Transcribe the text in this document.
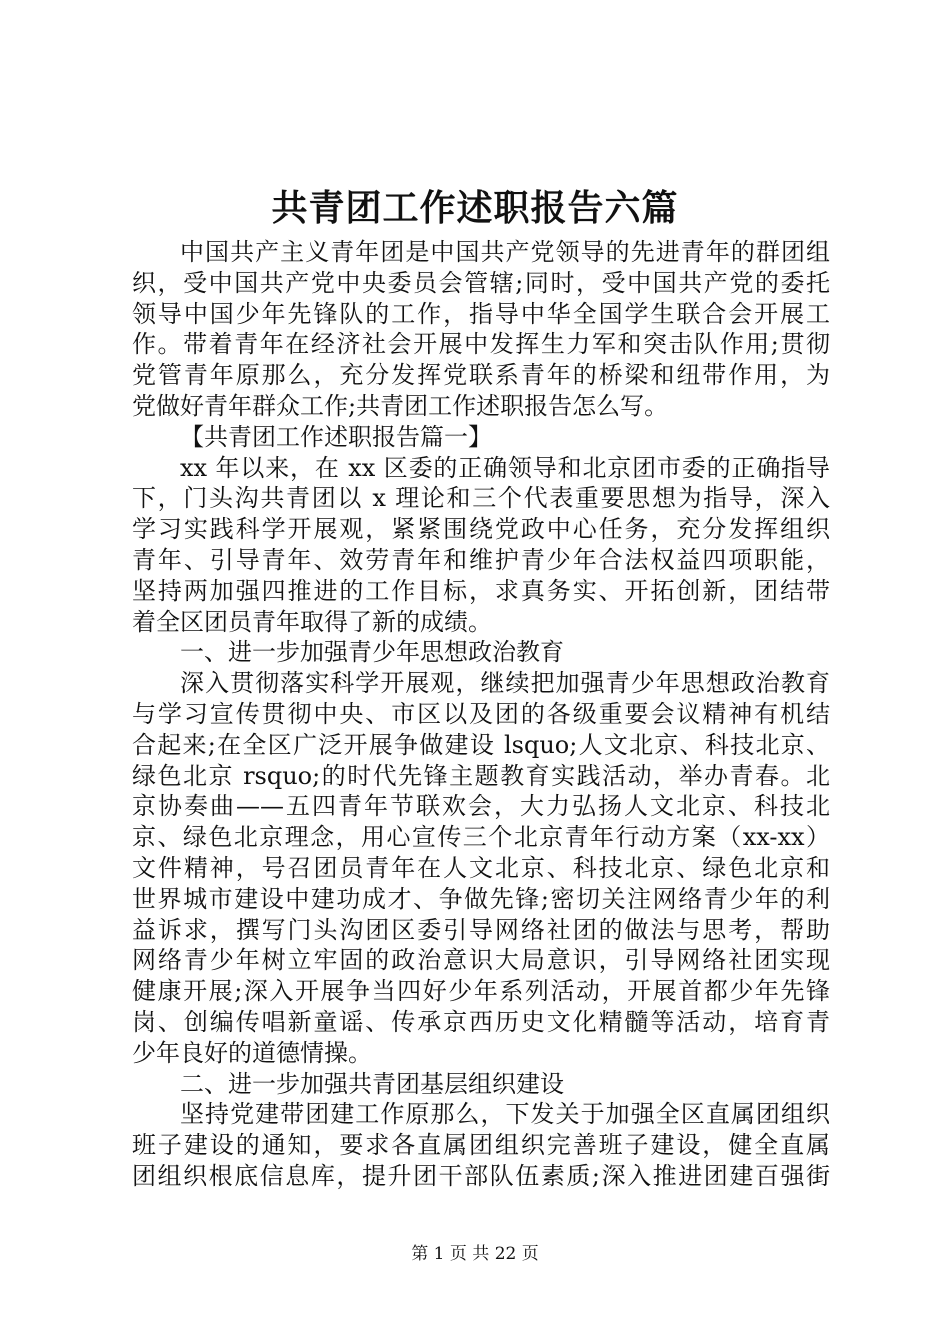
共青团工作述职报告六篇
中国共产主义青年团是中国共产党领导的先进青年的群团组
织，受中国共产党中央委员会管辖;同时，受中国共产党的委托
领导中国少年先锋队的工作，指导中华全国学生联合会开展工
作。带着青年在经济社会开展中发挥生力军和突击队作用;贯彻
党管青年原那么，充分发挥党联系青年的桥梁和纽带作用，为
党做好青年群众工作;共青团工作述职报告怎么写。
【共青团工作述职报告篇一】
xx 年以来，在 xx 区委的正确领导和北京团市委的正确指导
下，门头沟共青团以 x 理论和三个代表重要思想为指导，深入
学习实践科学开展观，紧紧围绕党政中心任务，充分发挥组织
青年、引导青年、效劳青年和维护青少年合法权益四项职能，
坚持两加强四推进的工作目标，求真务实、开拓创新，团结带
着全区团员青年取得了新的成绩。
一、进一步加强青少年思想政治教育
深入贯彻落实科学开展观，继续把加强青少年思想政治教育
与学习宣传贯彻中央、市区以及团的各级重要会议精神有机结
合起来;在全区广泛开展争做建设 lsquo;人文北京、科技北京、
绿色北京 rsquo;的时代先锋主题教育实践活动，举办青春。北
京协奏曲——五四青年节联欢会，大力弘扬人文北京、科技北
京、绿色北京理念，用心宣传三个北京青年行动方案（xx-xx）
文件精神，号召团员青年在人文北京、科技北京、绿色北京和
世界城市建设中建功成才、争做先锋;密切关注网络青少年的利
益诉求，撰写门头沟团区委引导网络社团的做法与思考，帮助
网络青少年树立牢固的政治意识大局意识，引导网络社团实现
健康开展;深入开展争当四好少年系列活动，开展首都少年先锋
岗、创编传唱新童谣、传承京西历史文化精髓等活动，培育青
少年良好的道德情操。
二、进一步加强共青团基层组织建设
坚持党建带团建工作原那么，下发关于加强全区直属团组织
班子建设的通知，要求各直属团组织完善班子建设，健全直属
团组织根底信息库，提升团干部队伍素质;深入推进团建百强街
第 1 页 共 22 页
